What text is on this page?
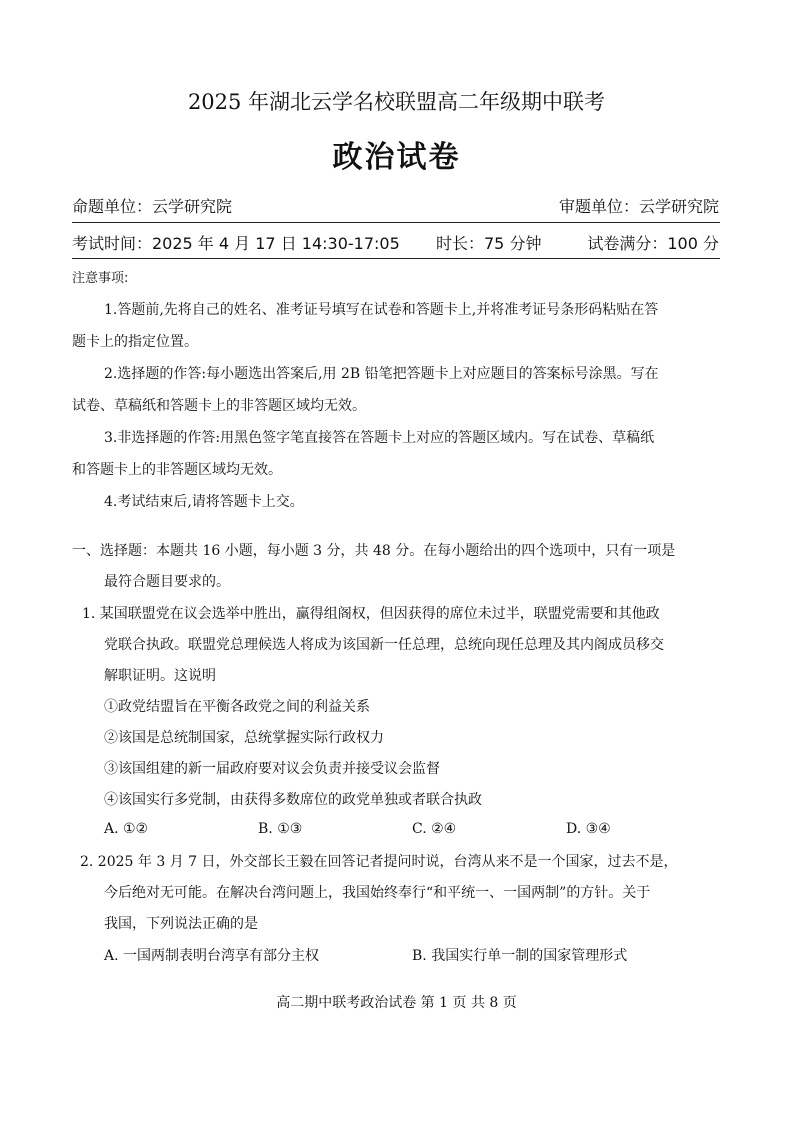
2025 年湖北云学名校联盟高二年级期中联考
政治试卷
命题单位：云学研究院	审题单位：云学研究院
考试时间：2025 年 4 月 17 日 14:30-17:05 时长：75 分钟	试卷满分：100 分
注意事项:
1.答题前,先将自己的姓名、准考证号填写在试卷和答题卡上,并将准考证号条形码粘贴在答
题卡上的指定位置。
2.选择题的作答:每小题选出答案后,用 2B 铅笔把答题卡上对应题目的答案标号涂黑。写在
试卷、草稿纸和答题卡上的非答题区域均无效。
3.非选择题的作答:用黑色签字笔直接答在答题卡上对应的答题区域内。写在试卷、草稿纸
和答题卡上的非答题区域均无效。
4.考试结束后,请将答题卡上交。
一、选择题：本题共 16 小题，每小题 3 分，共 48 分。在每小题给出的四个选项中，只有一项是
最符合题目要求的。
1. 某国联盟党在议会选举中胜出，赢得组阁权，但因获得的席位未过半，联盟党需要和其他政
党联合执政。联盟党总理候选人将成为该国新一任总理，总统向现任总理及其内阁成员移交
解职证明。这说明
①政党结盟旨在平衡各政党之间的利益关系
②该国是总统制国家，总统掌握实际行政权力
③该国组建的新一届政府要对议会负责并接受议会监督
④该国实行多党制，由获得多数席位的政党单独或者联合执政
A. ①②	B. ①③	C. ②④	D. ③④
2. 2025 年 3 月 7 日，外交部长王毅在回答记者提问时说，台湾从来不是一个国家，过去不是，
今后绝对无可能。在解决台湾问题上，我国始终奉行“和平统一、一国两制”的方针。关于
我国，下列说法正确的是
A. 一国两制表明台湾享有部分主权	B. 我国实行单一制的国家管理形式
高二期中联考政治试卷 第 1 页 共 8 页
